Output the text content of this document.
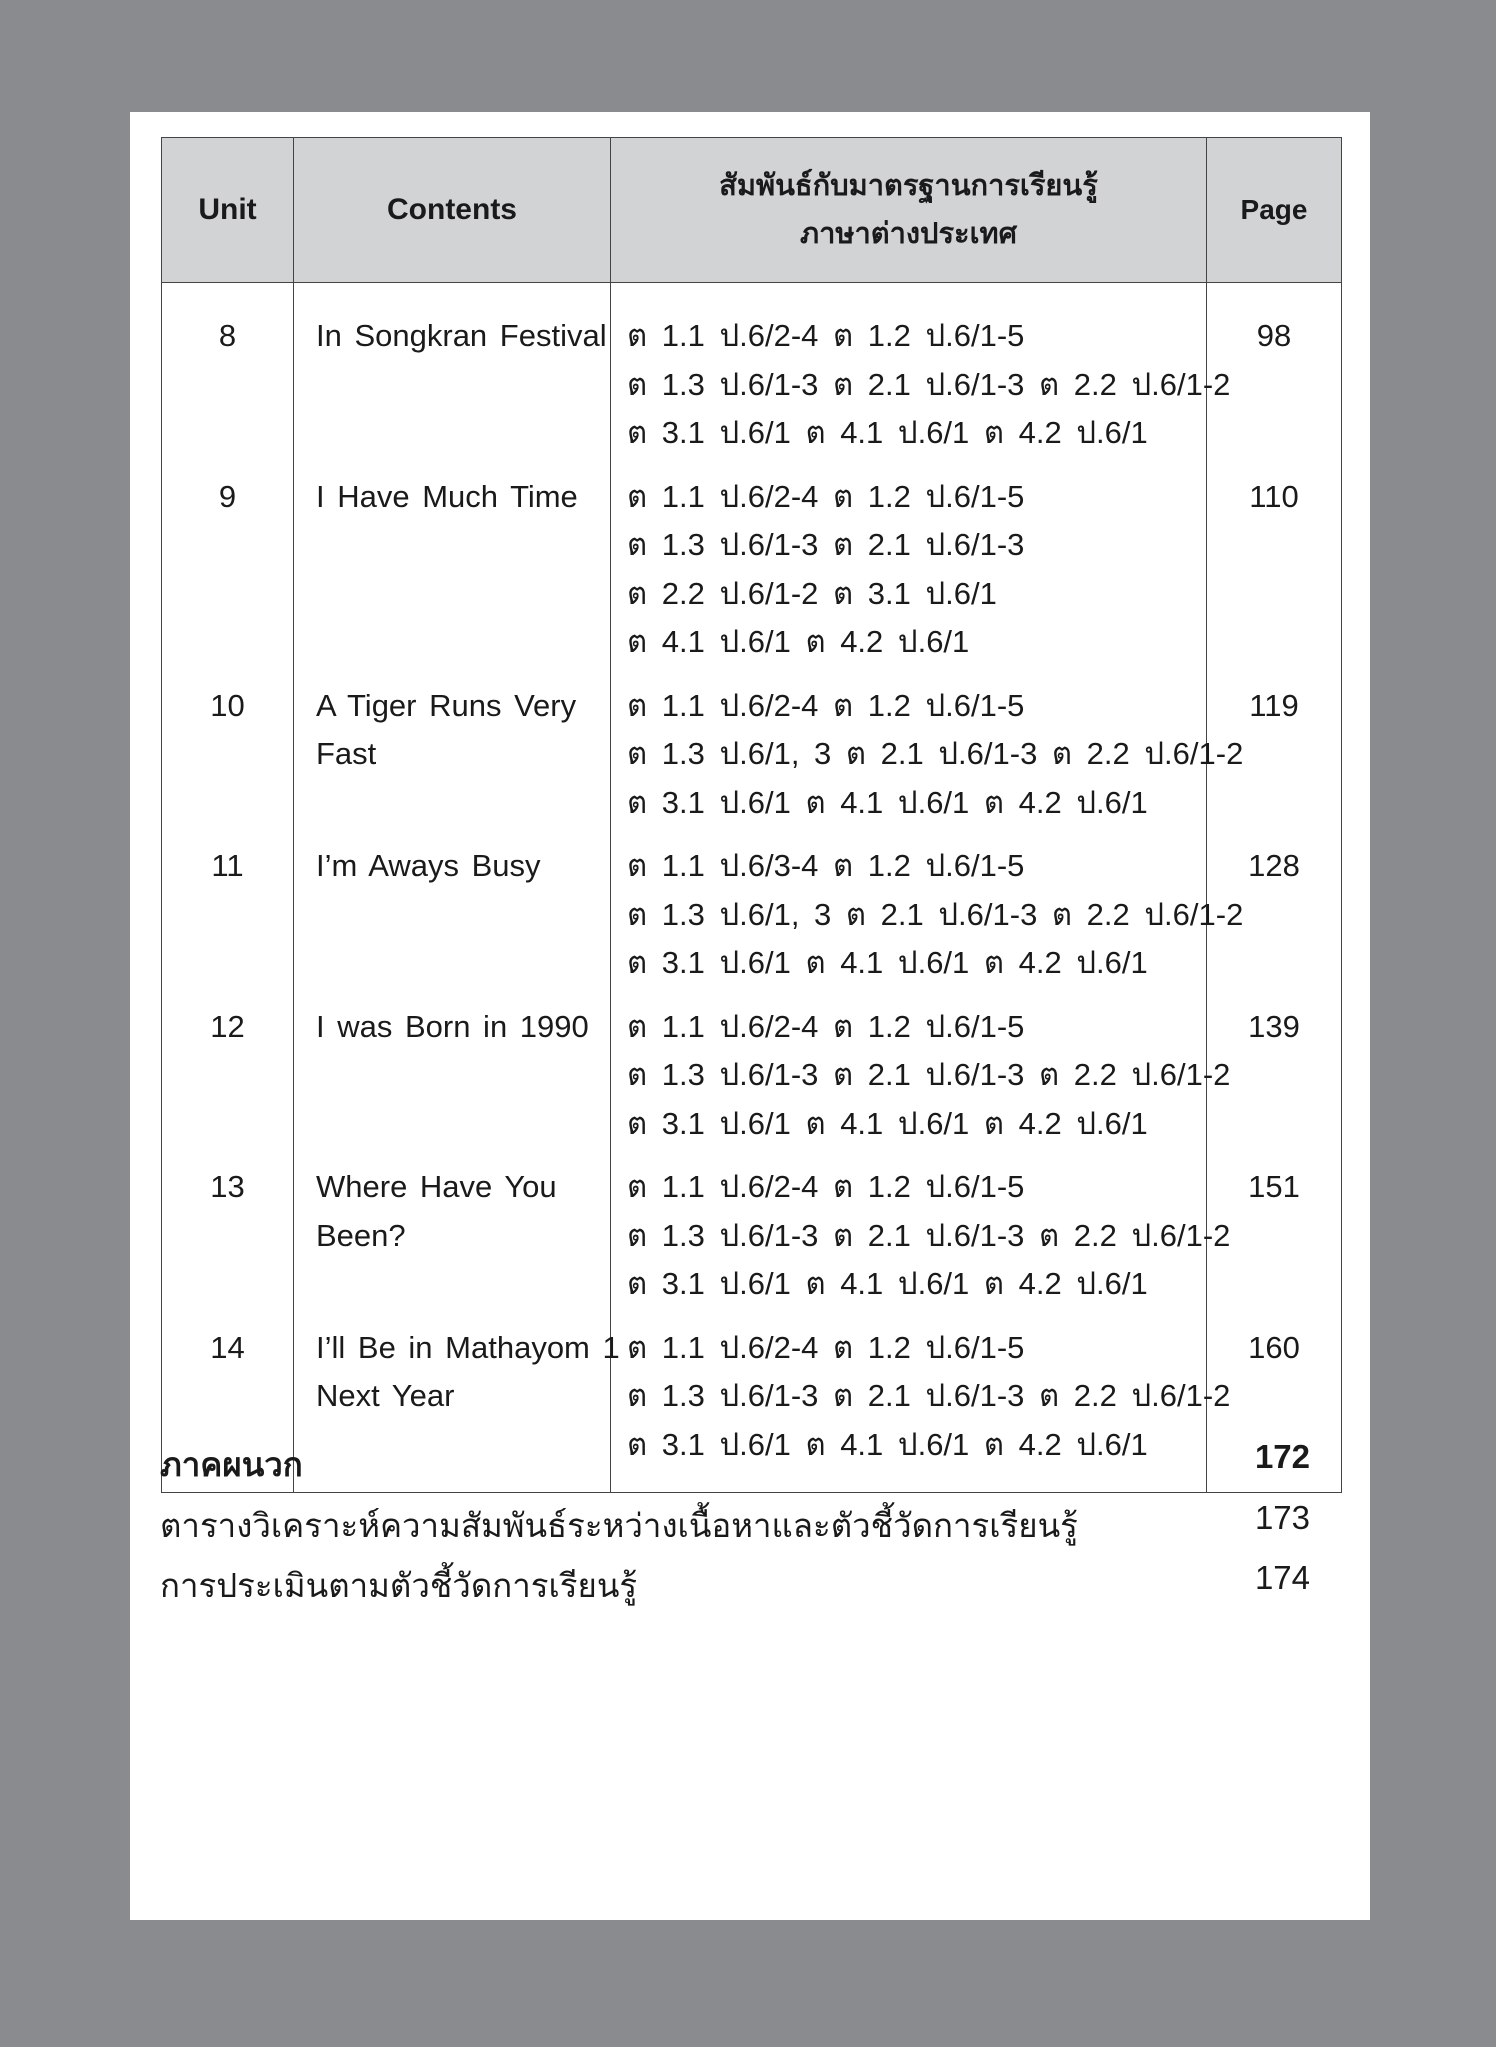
Unit	Contents	สัมพันธ์กับมาตรฐานการเรียนรู้
ภาษาต่างประเทศ	Page
8	In Songkran Festival	ต 1.1 ป.6/2-4 ต 1.2 ป.6/1-5
ต 1.3 ป.6/1-3 ต 2.1 ป.6/1-3 ต 2.2 ป.6/1-2
ต 3.1 ป.6/1 ต 4.1 ป.6/1 ต 4.2 ป.6/1	98
9	I Have Much Time	ต 1.1 ป.6/2-4 ต 1.2 ป.6/1-5
ต 1.3 ป.6/1-3 ต 2.1 ป.6/1-3
ต 2.2 ป.6/1-2 ต 3.1 ป.6/1
ต 4.1 ป.6/1 ต 4.2 ป.6/1	110
10	A Tiger Runs Very
Fast	ต 1.1 ป.6/2-4 ต 1.2 ป.6/1-5
ต 1.3 ป.6/1, 3 ต 2.1 ป.6/1-3 ต 2.2 ป.6/1-2
ต 3.1 ป.6/1 ต 4.1 ป.6/1 ต 4.2 ป.6/1	119
11	I’m Aways Busy	ต 1.1 ป.6/3-4 ต 1.2 ป.6/1-5
ต 1.3 ป.6/1, 3 ต 2.1 ป.6/1-3 ต 2.2 ป.6/1-2
ต 3.1 ป.6/1 ต 4.1 ป.6/1 ต 4.2 ป.6/1	128
12	I was Born in 1990	ต 1.1 ป.6/2-4 ต 1.2 ป.6/1-5
ต 1.3 ป.6/1-3 ต 2.1 ป.6/1-3 ต 2.2 ป.6/1-2
ต 3.1 ป.6/1 ต 4.1 ป.6/1 ต 4.2 ป.6/1	139
13	Where Have You
Been?	ต 1.1 ป.6/2-4 ต 1.2 ป.6/1-5
ต 1.3 ป.6/1-3 ต 2.1 ป.6/1-3 ต 2.2 ป.6/1-2
ต 3.1 ป.6/1 ต 4.1 ป.6/1 ต 4.2 ป.6/1	151
14	I’ll Be in Mathayom 1
Next Year	ต 1.1 ป.6/2-4 ต 1.2 ป.6/1-5
ต 1.3 ป.6/1-3 ต 2.1 ป.6/1-3 ต 2.2 ป.6/1-2
ต 3.1 ป.6/1 ต 4.1 ป.6/1 ต 4.2 ป.6/1	160
ภาคผนวก	172
ตารางวิเคราะห์ความสัมพันธ์ระหว่างเนื้อหาและตัวชี้วัดการเรียนรู้	173
การประเมินตามตัวชี้วัดการเรียนรู้	174
